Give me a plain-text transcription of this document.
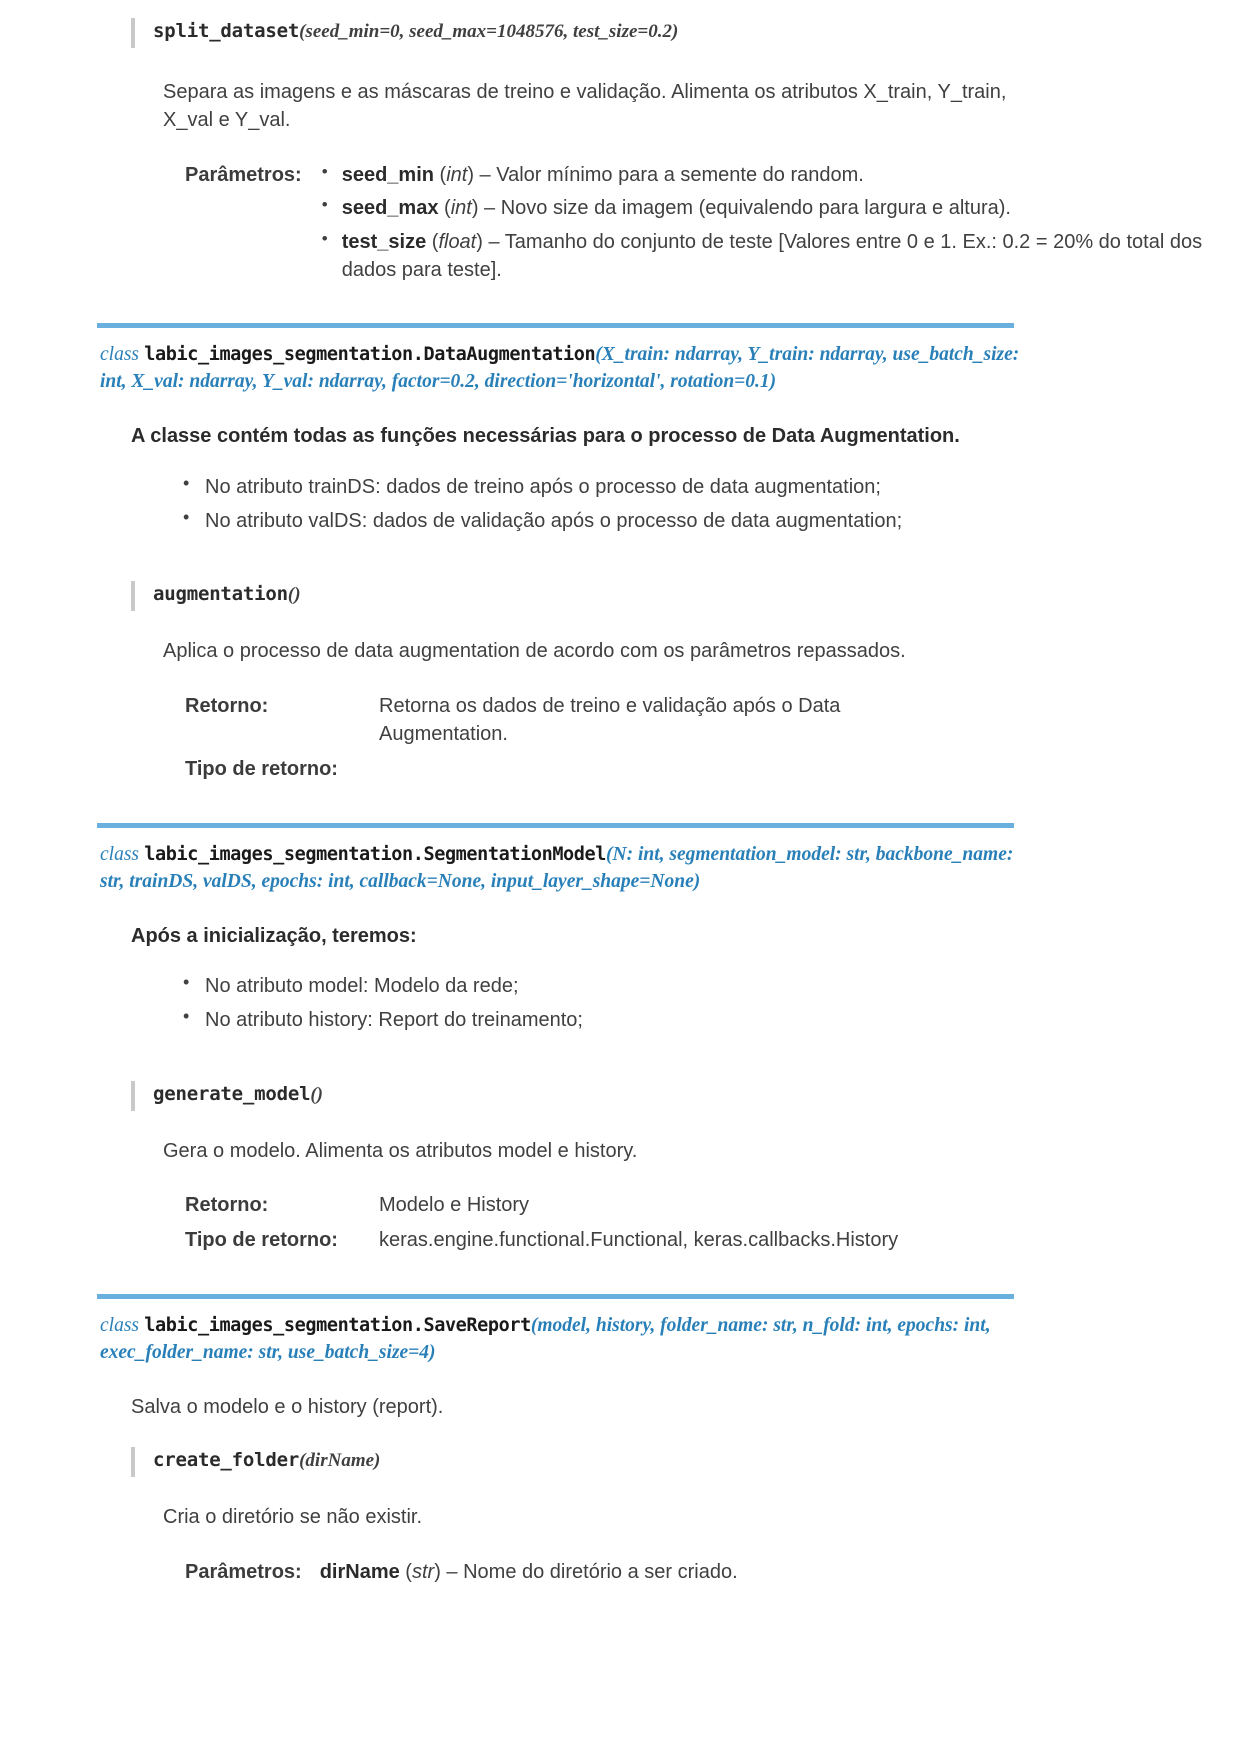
split_dataset(seed_min=0, seed_max=1048576, test_size=0.2)
Separa as imagens e as máscaras de treino e validação. Alimenta os atributos X_train, Y_train, X_val e Y_val.
Parâmetros:	
•seed_min (int) – Valor mínimo para a semente do random.
• seed_max (int) – Novo size da imagem (equivalendo para largura e altura).
• test_size (float) – Tamanho do conjunto de teste [Valores entre 0 e 1. Ex.: 0.2 = 20% do total dos dados para teste].
class labic_images_segmentation.DataAugmentation(X_train: ndarray, Y_train: ndarray, use_batch_size: int, X_val: ndarray, Y_val: ndarray, factor=0.2, direction='horizontal', rotation=0.1)
A classe contém todas as funções necessárias para o processo de Data Augmentation.
• No atributo trainDS: dados de treino após o processo de data augmentation;
• No atributo valDS: dados de validação após o processo de data augmentation;
augmentation()
Aplica o processo de data augmentation de acordo com os parâmetros repassados.
Retorno:	Retorna os dados de treino e validação após o Data Augmentation.
Tipo de retorno:	
class labic_images_segmentation.SegmentationModel(N: int, segmentation_model: str, backbone_name: str, trainDS, valDS, epochs: int, callback=None, input_layer_shape=None)
Após a inicialização, teremos:
• No atributo model: Modelo da rede;
• No atributo history: Report do treinamento;
generate_model()
Gera o modelo. Alimenta os atributos model e history.
Retorno:	Modelo e History
Tipo de retorno:	keras.engine.functional.Functional, keras.callbacks.History
class labic_images_segmentation.SaveReport(model, history, folder_name: str, n_fold: int, epochs: int, exec_folder_name: str, use_batch_size=4)
Salva o modelo e o history (report).
create_folder(dirName)
Cria o diretório se não existir.
Parâmetros:	dirName (str) – Nome do diretório a ser criado.
